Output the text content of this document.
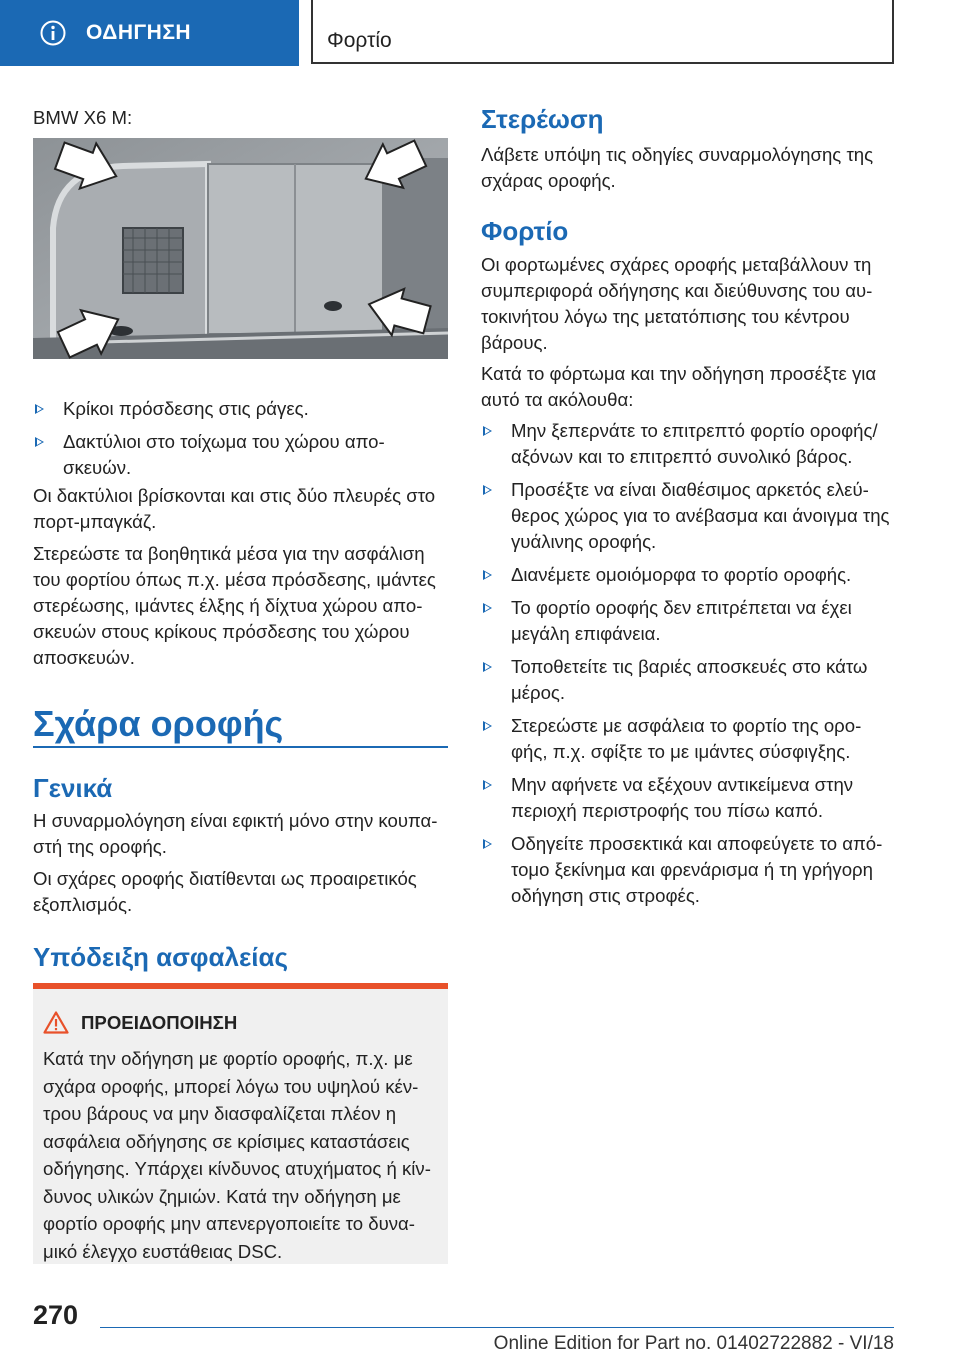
ΟΔΗΓΗΣΗ	Φορτίο

BMW X6 M:

Κρίκοι πρόσδεσης στις ράγες.
Δακτύλιοι στο τοίχωμα του χώρου απο-σκευών.

Οι δακτύλιοι βρίσκονται και στις δύο πλευρές στο πορτ-μπαγκάζ.

Στερεώστε τα βοηθητικά μέσα για την ασφάλιση του φορτίου όπως π.χ. μέσα πρόσδεσης, ιμάντες στερέωσης, ιμάντες έλξης ή δίχτυα χώρου απο-σκευών στους κρίκους πρόσδεσης του χώρου αποσκευών.

Σχάρα οροφής
Γενικά

Η συναρμολόγηση είναι εφικτή μόνο στην κουπα-στή της οροφής.

Οι σχάρες οροφής διατίθενται ως προαιρετικός εξοπλισμός.

Υπόδειξη ασφαλείας
ΠΡΟΕΙΔΟΠΟΙΗΣΗ
Κατά την οδήγηση με φορτίο οροφής, π.χ. με σχάρα οροφής, μπορεί λόγω του υψηλού κέν-τρου βάρους να μην διασφαλίζεται πλέον η ασφάλεια οδήγησης σε κρίσιμες καταστάσεις οδήγησης. Υπάρχει κίνδυνος ατυχήματος ή κίν-δυνος υλικών ζημιών. Κατά την οδήγηση με φορτίο οροφής μην απενεργοποιείτε το δυνα-μικό έλεγχο ευστάθειας DSC.
Στερέωση

Λάβετε υπόψη τις οδηγίες συναρμολόγησης της σχάρας οροφής.

Φορτίο

Οι φορτωμένες σχάρες οροφής μεταβάλλουν τη συμπεριφορά οδήγησης και διεύθυνσης του αυ-τοκινήτου λόγω της μετατόπισης του κέντρου βάρους.

Κατά το φόρτωμα και την οδήγηση προσέξτε για αυτό τα ακόλουθα:

Μην ξεπερνάτε το επιτρεπτό φορτίο οροφής/ αξόνων και το επιτρεπτό συνολικό βάρος.
Προσέξτε να είναι διαθέσιμος αρκετός ελεύ-θερος χώρος για το ανέβασμα και άνοιγμα της γυάλινης οροφής.
Διανέμετε ομοιόμορφα το φορτίο οροφής.
Το φορτίο οροφής δεν επιτρέπεται να έχει μεγάλη επιφάνεια.
Τοποθετείτε τις βαριές αποσκευές στο κάτω μέρος.
Στερεώστε με ασφάλεια το φορτίο της ορο-φής, π.χ. σφίξτε το με ιμάντες σύσφιγξης.
Μην αφήνετε να εξέχουν αντικείμενα στην περιοχή περιστροφής του πίσω καπό.
Οδηγείτε προσεκτικά και αποφεύγετε το από-τομο ξεκίνημα και φρενάρισμα ή τη γρήγορη οδήγηση στις στροφές.
270
Online Edition for Part no. 01402722882 - VI/18
